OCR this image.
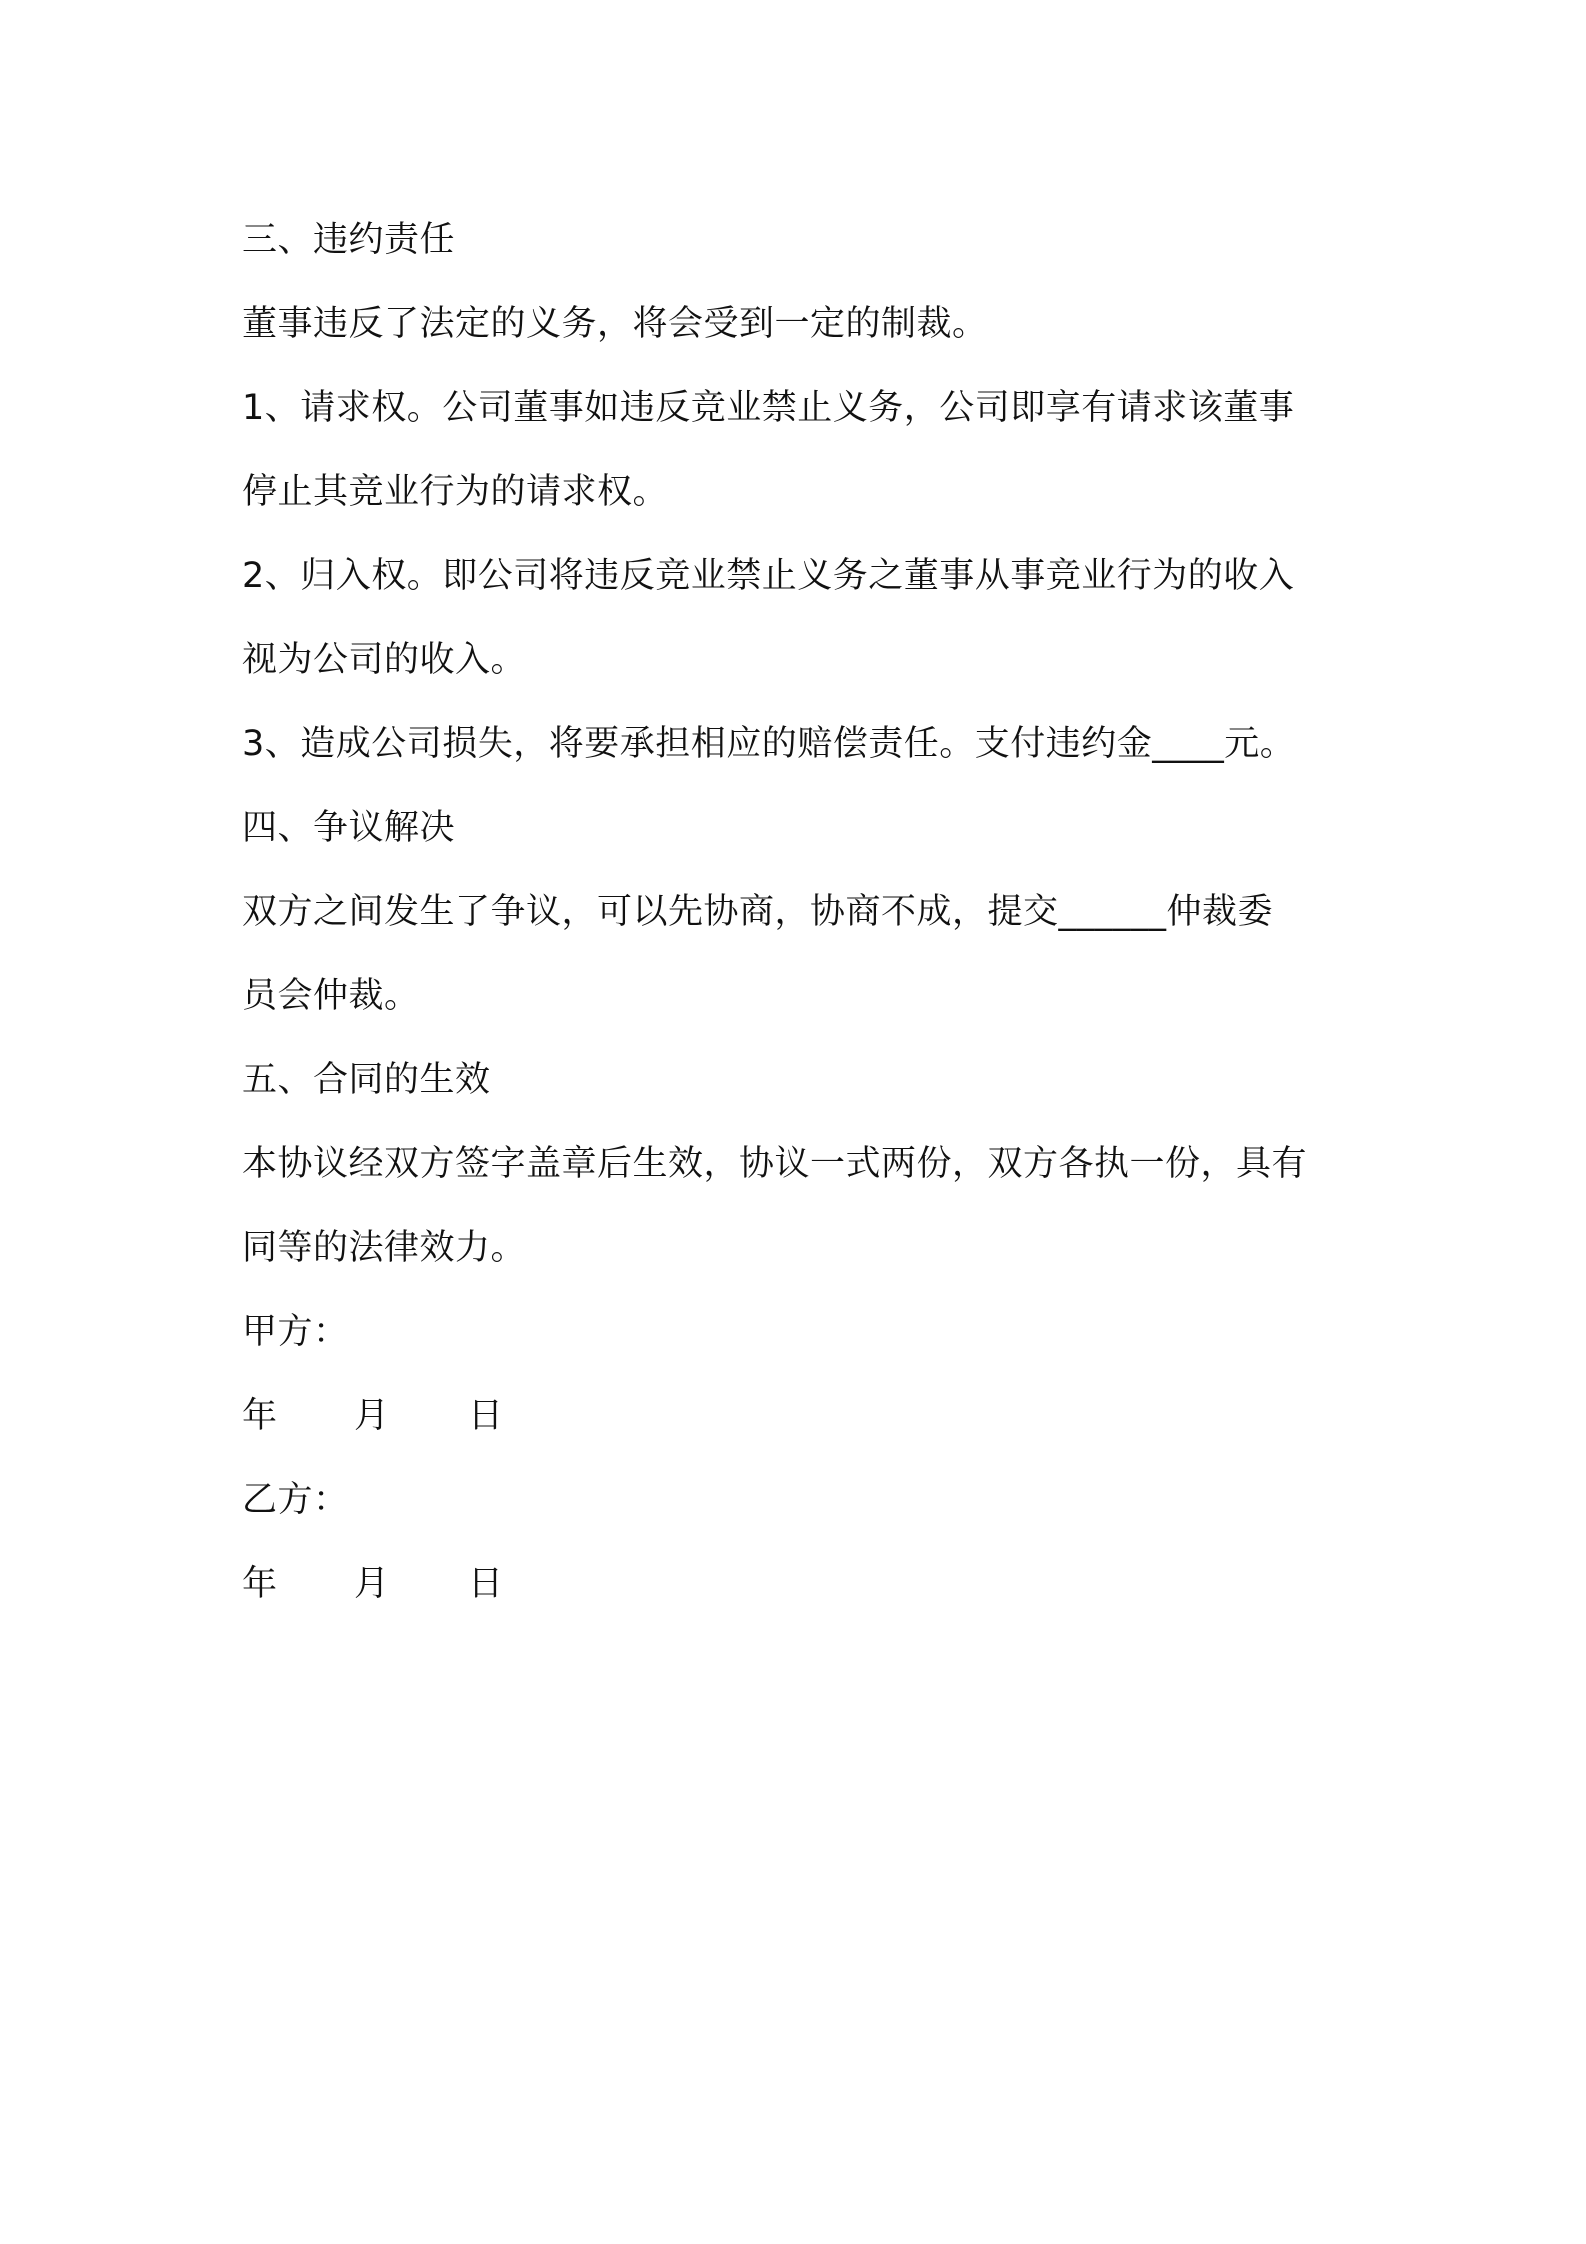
三、违约责任
董事违反了法定的义务，将会受到一定的制裁。
1、请求权。公司董事如违反竞业禁止义务，公司即享有请求该董事
停止其竞业行为的请求权。
2、归入权。即公司将违反竞业禁止义务之董事从事竞业行为的收入
视为公司的收入。
3、造成公司损失，将要承担相应的赔偿责任。支付违约金____元。
四、争议解决
双方之间发生了争议，可以先协商，协商不成，提交______仲裁委
员会仲裁。
五、合同的生效
本协议经双方签字盖章后生效，协议一式两份，双方各执一份，具有
同等的法律效力。
甲方：
年 月 日
乙方：
年 月 日
